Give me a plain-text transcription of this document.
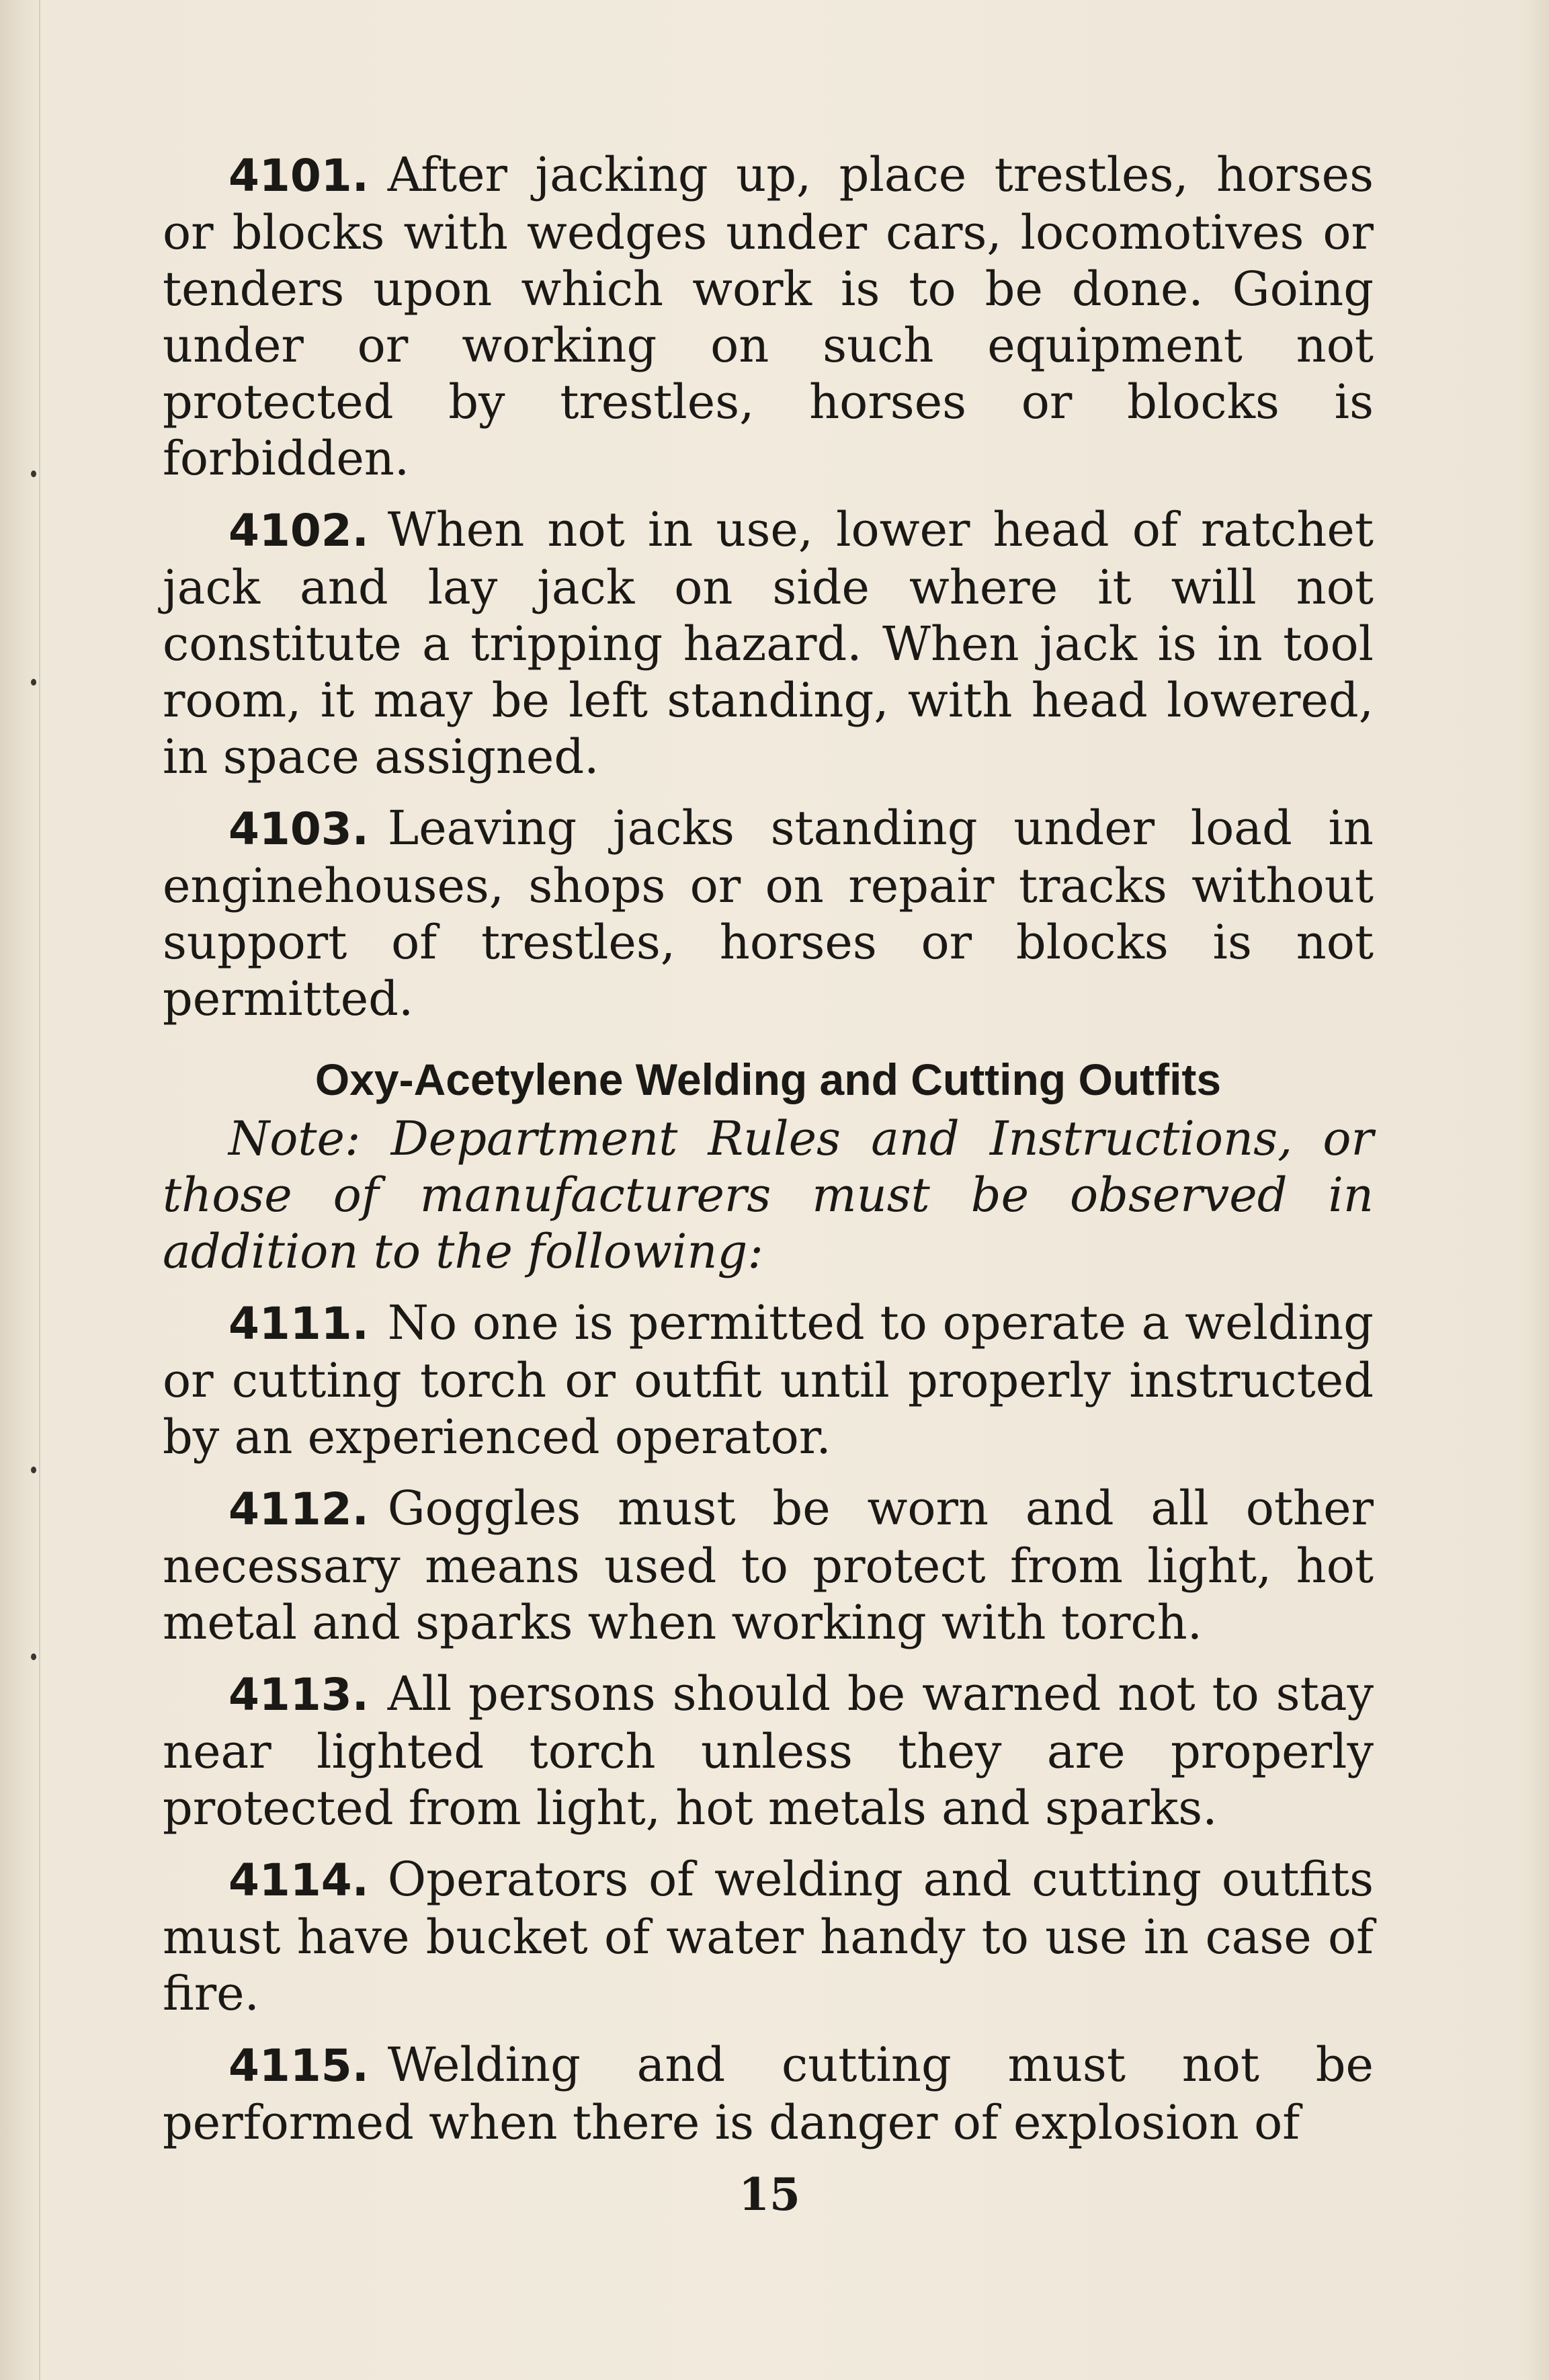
4101. After jacking up, place trestles, horses or blocks with wedges under cars, locomotives or tenders upon which work is to be done. Going under or working on such equipment not protected by trestles, horses or blocks is forbidden.

4102. When not in use, lower head of ratchet jack and lay jack on side where it will not constitute a tripping hazard. When jack is in tool room, it may be left standing, with head lowered, in space assigned.

4103. Leaving jacks standing under load in enginehouses, shops or on repair tracks without support of trestles, horses or blocks is not permitted.

Oxy-Acetylene Welding and Cutting Outfits

Note: Department Rules and Instructions, or those of manufacturers must be observed in addition to the following:

4111. No one is permitted to operate a welding or cutting torch or outfit until properly instructed by an experienced operator.

4112. Goggles must be worn and all other necessary means used to protect from light, hot metal and sparks when working with torch.

4113. All persons should be warned not to stay near lighted torch unless they are properly protected from light, hot metals and sparks.

4114. Operators of welding and cutting outfits must have bucket of water handy to use in case of fire.

4115. Welding and cutting must not be performed when there is danger of explosion of

15
